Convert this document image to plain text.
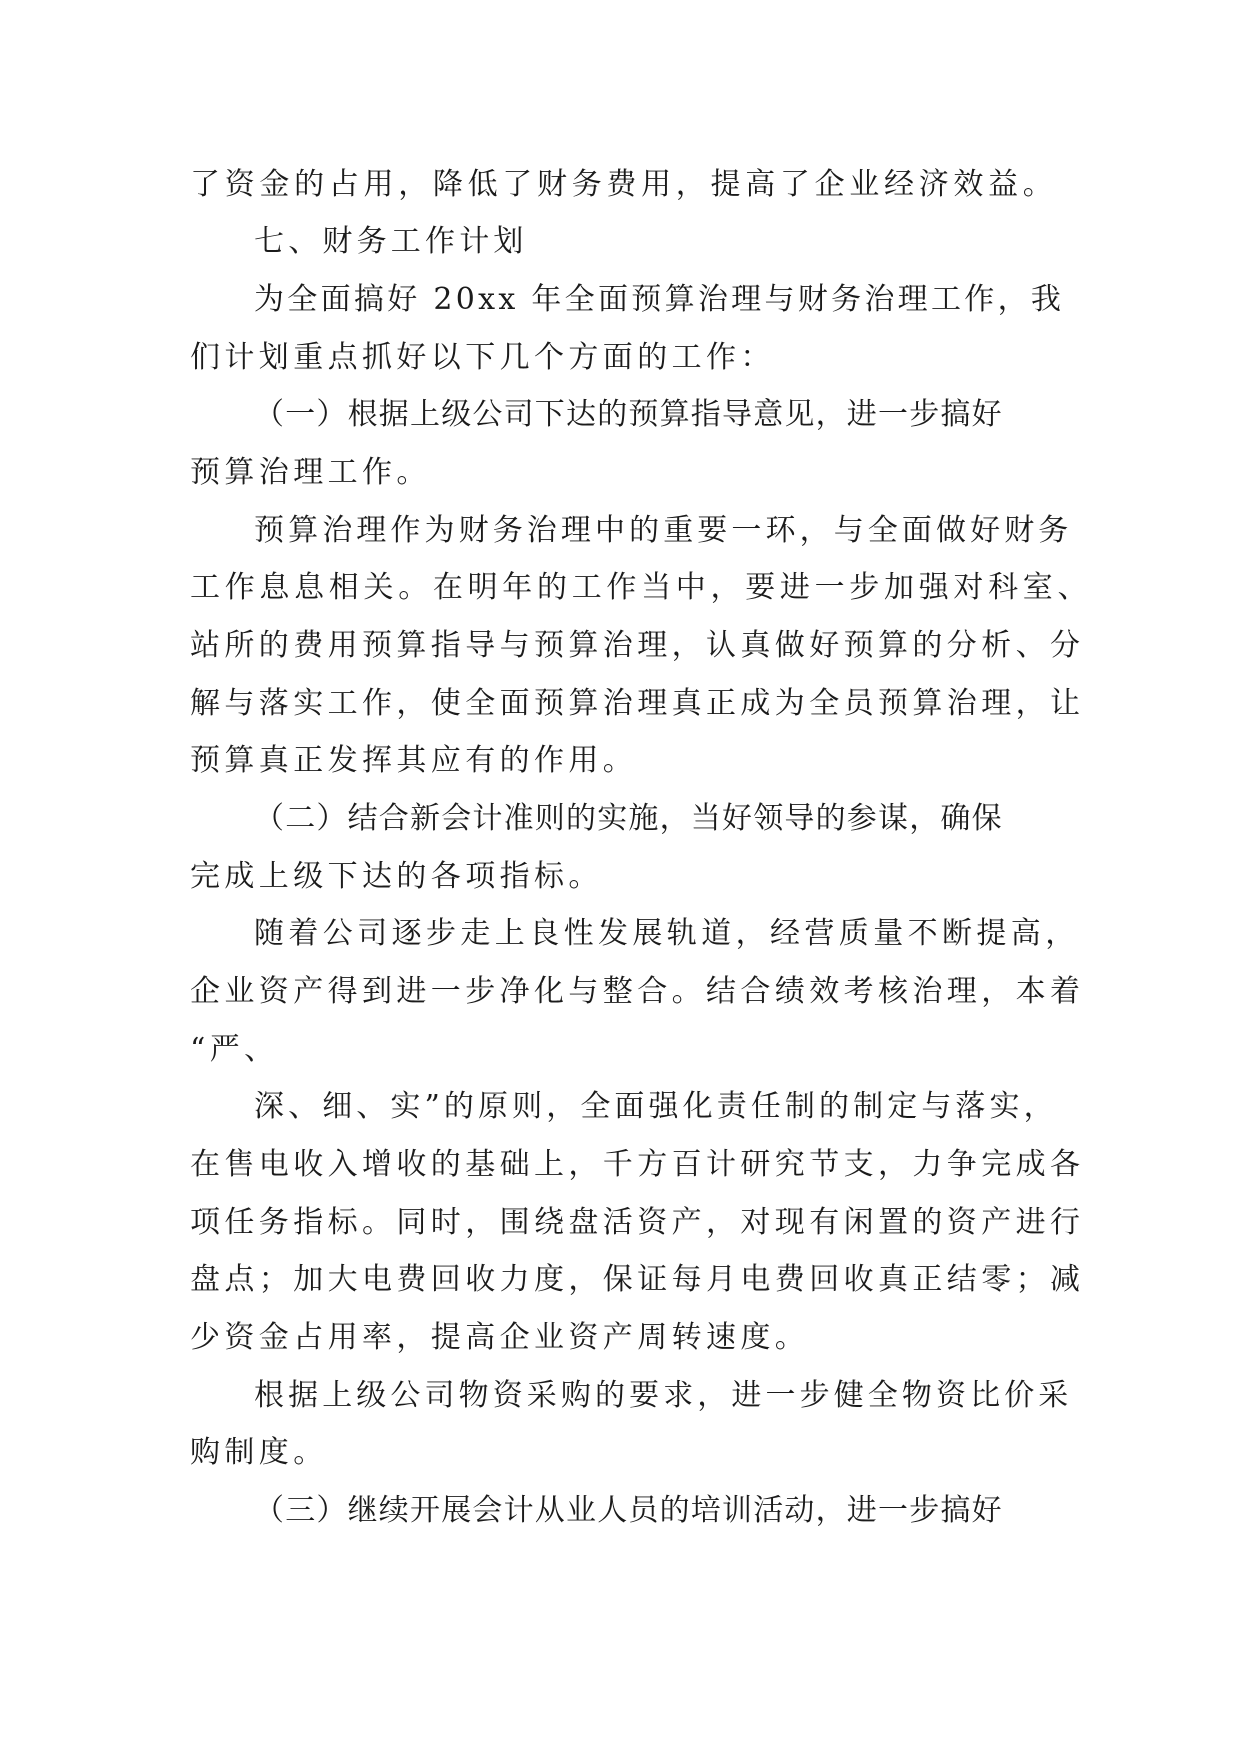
了资金的占用，降低了财务费用，提高了企业经济效益。
七、财务工作计划
为全面搞好 20xx 年全面预算治理与财务治理工作，我
们计划重点抓好以下几个方面的工作：
（一）根据上级公司下达的预算指导意见，进一步搞好
预算治理工作。
预算治理作为财务治理中的重要一环，与全面做好财务
工作息息相关。在明年的工作当中，要进一步加强对科室、
站所的费用预算指导与预算治理，认真做好预算的分析、分
解与落实工作，使全面预算治理真正成为全员预算治理，让
预算真正发挥其应有的作用。
（二）结合新会计准则的实施，当好领导的参谋，确保
完成上级下达的各项指标。
随着公司逐步走上良性发展轨道，经营质量不断提高，
企业资产得到进一步净化与整合。结合绩效考核治理，本着
“严、
深、细、实”的原则，全面强化责任制的制定与落实，
在售电收入增收的基础上，千方百计研究节支，力争完成各
项任务指标。同时，围绕盘活资产，对现有闲置的资产进行
盘点；加大电费回收力度，保证每月电费回收真正结零；减
少资金占用率，提高企业资产周转速度。
根据上级公司物资采购的要求，进一步健全物资比价采
购制度。
（三）继续开展会计从业人员的培训活动，进一步搞好
